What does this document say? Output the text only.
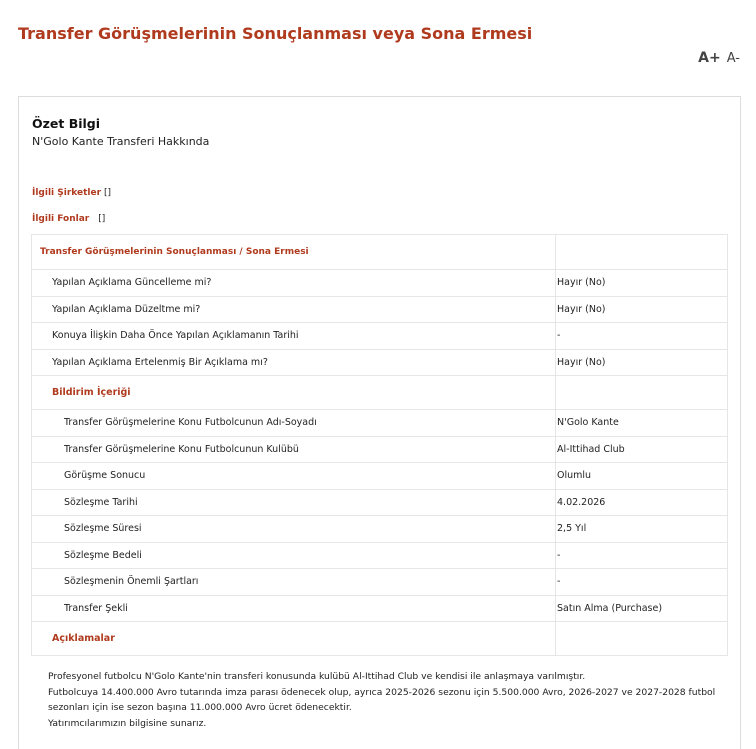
Transfer Görüşmelerinin Sonuçlanması veya Sona Ermesi
A+ A-
Özet Bilgi
N'Golo Kante Transferi Hakkında
İlgili Şirketler []
İlgili Fonlar []
Transfer Görüşmelerinin Sonuçlanması / Sona Ermesi
Yapılan Açıklama Güncelleme mi?	Hayır (No)
Yapılan Açıklama Düzeltme mi?	Hayır (No)
Konuya İlişkin Daha Önce Yapılan Açıklamanın Tarihi	-
Yapılan Açıklama Ertelenmiş Bir Açıklama mı?	Hayır (No)
Bildirim İçeriği
Transfer Görüşmelerine Konu Futbolcunun Adı-Soyadı	N'Golo Kante
Transfer Görüşmelerine Konu Futbolcunun Kulübü	Al-Ittihad Club
Görüşme Sonucu	Olumlu
Sözleşme Tarihi	4.02.2026
Sözleşme Süresi	2,5 Yıl
Sözleşme Bedeli	-
Sözleşmenin Önemli Şartları	-
Transfer Şekli	Satın Alma (Purchase)
Açıklamalar
Profesyonel futbolcu N'Golo Kante'nin transferi konusunda kulübü Al-Ittihad Club ve kendisi ile anlaşmaya varılmıştır.
Futbolcuya 14.400.000 Avro tutarında imza parası ödenecek olup, ayrıca 2025-2026 sezonu için 5.500.000 Avro, 2026-2027 ve 2027-2028 futbol sezonları için ise sezon başına 11.000.000 Avro ücret ödenecektir.
Yatırımcılarımızın bilgisine sunarız.
